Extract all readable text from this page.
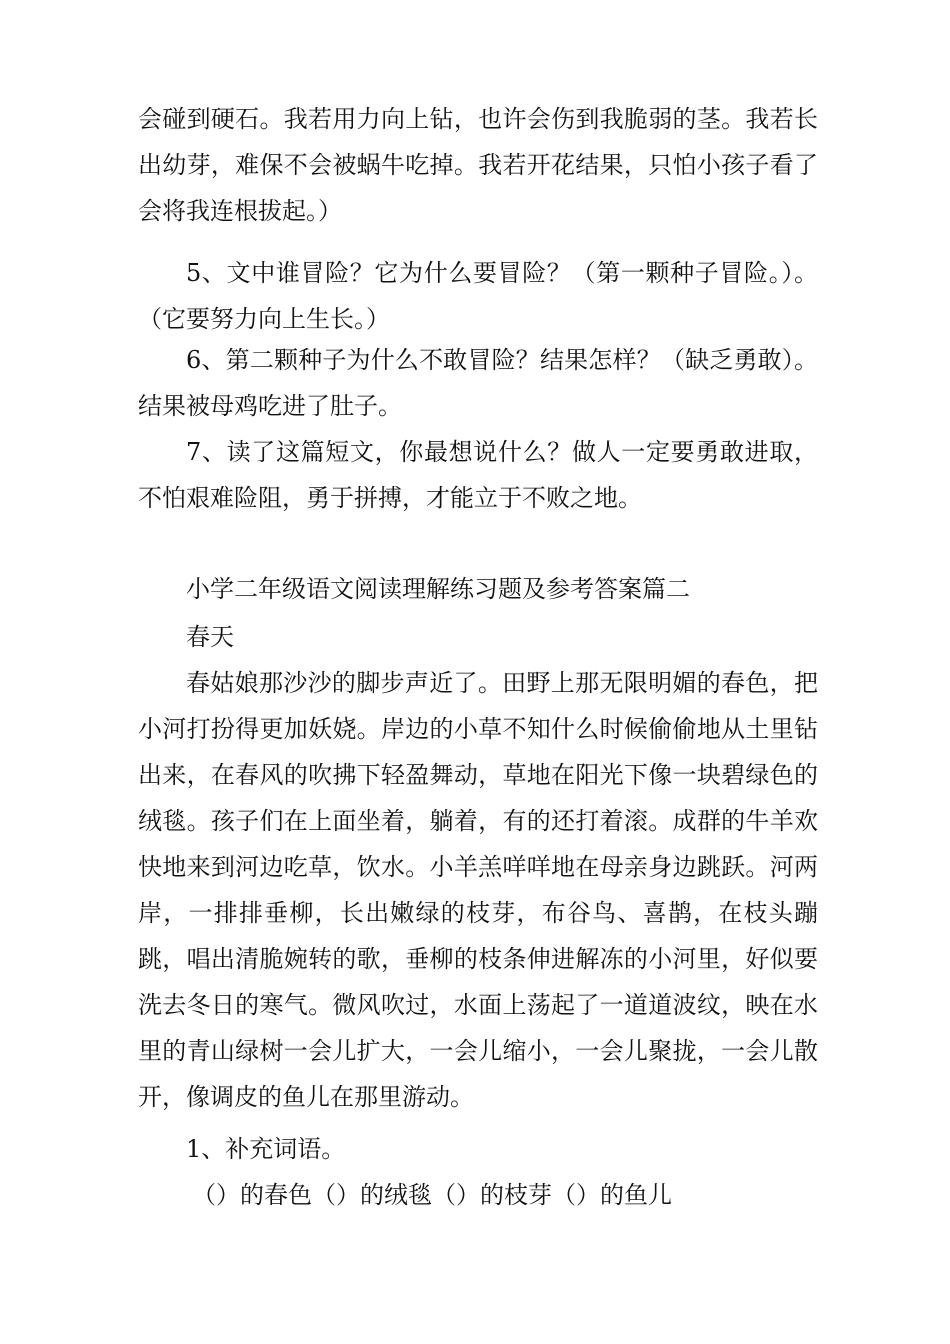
会碰到硬石。我若用力向上钻，也许会伤到我脆弱的茎。我若长出幼芽，难保不会被蜗牛吃掉。我若开花结果，只怕小孩子看了会将我连根拔起。）

5、文中谁冒险？它为什么要冒险？（第一颗种子冒险。）。（它要努力向上生长。）

6、第二颗种子为什么不敢冒险？结果怎样？（缺乏勇敢）。结果被母鸡吃进了肚子。

7、读了这篇短文，你最想说什么？做人一定要勇敢进取，不怕艰难险阻，勇于拼搏，才能立于不败之地。

小学二年级语文阅读理解练习题及参考答案篇二

春天

春姑娘那沙沙的脚步声近了。田野上那无限明媚的春色，把小河打扮得更加妖娆。岸边的小草不知什么时候偷偷地从土里钻出来，在春风的吹拂下轻盈舞动，草地在阳光下像一块碧绿色的绒毯。孩子们在上面坐着，躺着，有的还打着滚。成群的牛羊欢快地来到河边吃草，饮水。小羊羔咩咩地在母亲身边跳跃。河两岸，一排排垂柳，长出嫩绿的枝芽，布谷鸟、喜鹊，在枝头蹦跳，唱出清脆婉转的歌，垂柳的枝条伸进解冻的小河里，好似要洗去冬日的寒气。微风吹过，水面上荡起了一道道波纹，映在水里的青山绿树一会儿扩大，一会儿缩小，一会儿聚拢，一会儿散开，像调皮的鱼儿在那里游动。

1、补充词语。

（）的春色（）的绒毯（）的枝芽（）的鱼儿
